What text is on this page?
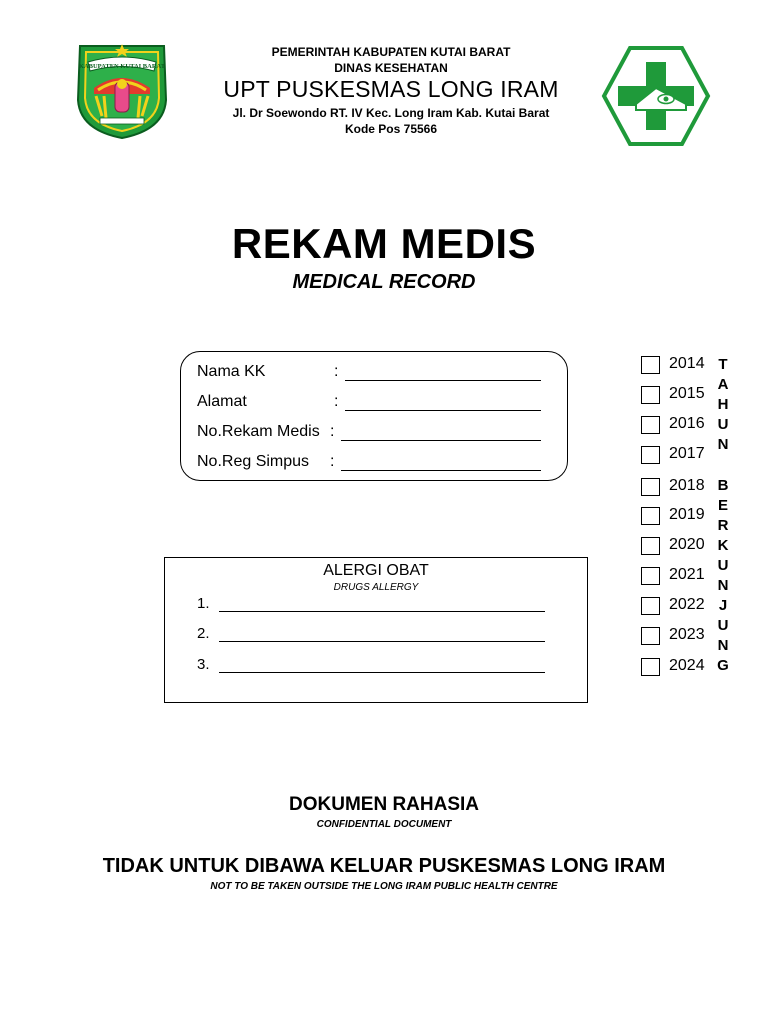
KABUPATEN KUTAI BARAT
PEMERINTAH KABUPATEN KUTAI BARAT
DINAS KESEHATAN
UPT PUSKESMAS LONG IRAM
Jl. Dr Soewondo RT. IV Kec. Long Iram Kab. Kutai Barat
Kode Pos 75566
REKAM MEDIS
MEDICAL RECORD
Nama KK	:
Alamat	:
No.Rekam Medis :
No.Reg Simpus :
ALERGI OBAT
DRUGS ALLERGY
1.
2.
3.
2014
2015
2016
2017
2018
2019
2020
2021
2022
2023
2024
T
A
H
U
N
B
E
R
K
U
N
J
U
N
G
DOKUMEN RAHASIA
CONFIDENTIAL DOCUMENT
TIDAK UNTUK DIBAWA KELUAR PUSKESMAS LONG IRAM
NOT TO BE TAKEN OUTSIDE THE LONG IRAM PUBLIC HEALTH CENTRE
